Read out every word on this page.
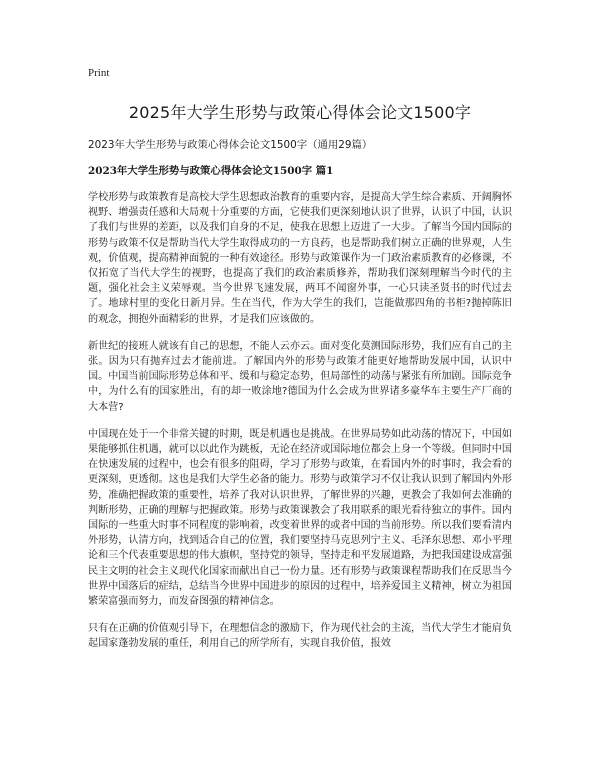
Print
2025年大学生形势与政策心得体会论文1500字
2023年大学生形势与政策心得体会论文1500字（通用29篇）
2023年大学生形势与政策心得体会论文1500字 篇1

学校形势与政策教育是高校大学生思想政治教育的重要内容，是提高大学生综合素质、开阔胸怀视野、增强责任感和大局观十分重要的方面，它使我们更深刻地认识了世界，认识了中国，认识了我们与世界的差距，以及我们自身的不足，使我在思想上迈进了一大步。了解当今国内国际的形势与政策不仅是帮助当代大学生取得成功的一方良药，也是帮助我们树立正确的世界观，人生观，价值观，提高精神面貌的一种有效途径。形势与政策课作为一门政治素质教育的必修课，不仅拓宽了当代大学生的视野，也提高了我们的政治素质修养，帮助我们深刻理解当今时代的主题，强化社会主义荣辱观。当今世界飞速发展，两耳不闻窗外事，一心只读圣贤书的时代过去了。地球村里的变化日新月异。生在当代，作为大学生的我们，岂能做那四角的书柜?抛掉陈旧的观念，拥抱外面精彩的世界，才是我们应该做的。

新世纪的接班人就该有自己的思想，不能人云亦云。面对变化莫测国际形势，我们应有自己的主张。因为只有抛弃过去才能前进。了解国内外的形势与政策才能更好地帮助发展中国，认识中国。中国当前国际形势总体和平、缓和与稳定态势，但局部性的动荡与紧张有所加剧。国际竞争中，为什么有的国家胜出，有的却一败涂地?德国为什么会成为世界诸多豪华车主要生产厂商的大本营?

中国现在处于一个非常关键的时期，既是机遇也是挑战。在世界局势如此动荡的情况下，中国如果能够抓住机遇，就可以以此作为跳板，无论在经济或国际地位都会上身一个等级。但同时中国在快速发展的过程中，也会有很多的阻碍，学习了形势与政策，在看国内外的时事时，我会看的更深刻，更透彻。这也是我们大学生必备的能力。形势与政策学习不仅让我认识到了解国内外形势，准确把握政策的重要性，培养了我对认识世界，了解世界的兴趣，更教会了我如何去准确的判断形势，正确的理解与把握政策。形势与政策课教会了我用联系的眼光看待独立的事件。国内国际的一些重大时事不同程度的影响着，改变着世界的或者中国的当前形势。所以我们要看清内外形势，认清方向，找到适合自己的位置，我们要坚持马克思列宁主义、毛泽东思想、邓小平理论和三个代表重要思想的伟大旗帜，坚持党的领导，坚持走和平发展道路，为把我国建设成富强民主文明的社会主义现代化国家而献出自己一份力量。还有形势与政策课程帮助我们在反思当今世界中国落后的症结，总结当今世界中国进步的原因的过程中，培养爱国主义精神，树立为祖国繁荣富强而努力，而发奋图强的精神信念。

只有在正确的价值观引导下，在理想信念的激励下，作为现代社会的主流，当代大学生才能肩负起国家蓬勃发展的重任，利用自己的所学所有，实现自我价值，报效
